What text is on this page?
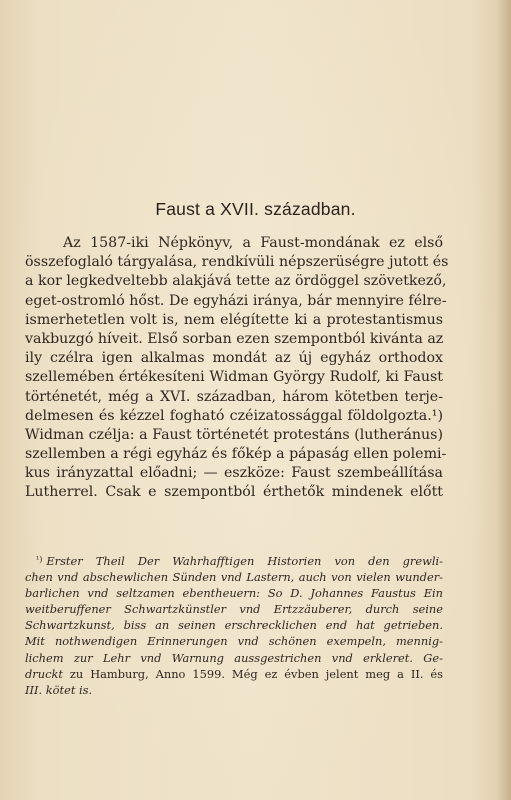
Faust a XVII. században.
Az 1587-iki Népkönyv, a Faust-mondának ez első
összefoglaló tárgyalása, rendkívüli népszerüségre jutott és
a kor legkedveltebb alakjává tette az ördöggel szövetkező,
eget-ostromló hőst. De egyházi iránya, bár mennyire félre-
ismerhetetlen volt is, nem elégítette ki a protestantismus
vakbuzgó híveit. Első sorban ezen szempontból kivánta az
ily czélra igen alkalmas mondát az új egyház orthodox
szellemében értékesíteni Widman György Rudolf, ki Faust
történetét, még a XVI. században, három kötetben terje-
delmesen és kézzel fogható czéizatossággal földolgozta.¹)
Widman czélja: a Faust történetét protestáns (lutheránus)
szellemben a régi egyház és főkép a pápaság ellen polemi-
kus irányzattal előadni; — eszköze: Faust szembeállítása
Lutherrel. Csak e szempontból érthetők mindenek előtt
$^{^1)}$ Erster Theil Der Wahrhafftigen Historien von den grewli-
chen vnd abschewlichen Sünden vnd Lastern, auch von vielen wunder-
barlichen vnd seltzamen ebentheuern: So D. Johannes Faustus Ein
weitberuffener Schwartzkünstler vnd Ertzzäuberer, durch seine
Schwartzkunst, biss an seinen erschrecklichen end hat getrieben.
Mit nothwendigen Erinnerungen vnd schönen exempeln, mennig-
lichem zur Lehr vnd Warnung aussgestrichen vnd erkleret. Ge-
druckt zu Hamburg, Anno 1599. Még ez évben jelent meg a II. és
III. kötet is.
